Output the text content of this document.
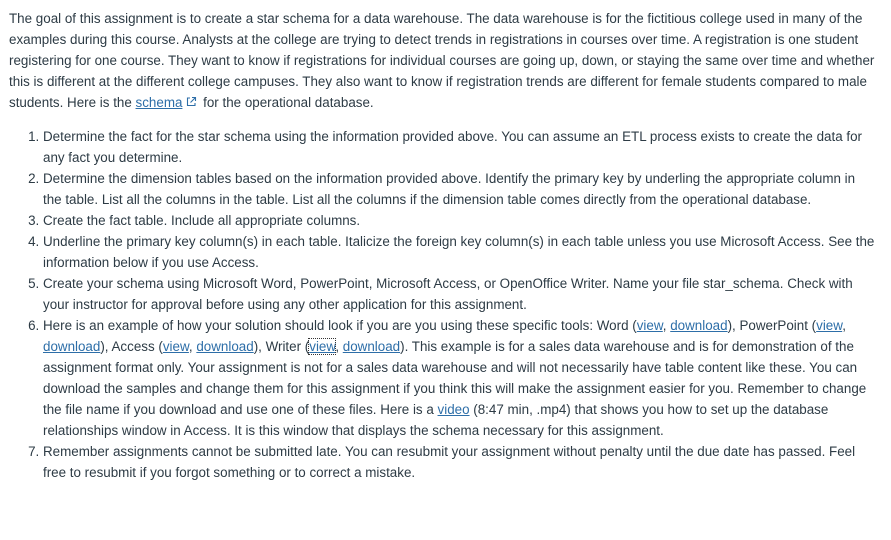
The goal of this assignment is to create a star schema for a data warehouse. The data warehouse is for the fictitious college used in many of the examples during this course. Analysts at the college are trying to detect trends in registrations in courses over time. A registration is one student registering for one course. They want to know if registrations for individual courses are going up, down, or staying the same over time and whether this is different at the different college campuses. They also want to know if registration trends are different for female students compared to male students. Here is the schema for the operational database.

1. Determine the fact for the star schema using the information provided above. You can assume an ETL process exists to create the data for any fact you determine.
2. Determine the dimension tables based on the information provided above. Identify the primary key by underling the appropriate column in the table. List all the columns in the table. List all the columns if the dimension table comes directly from the operational database.
3. Create the fact table. Include all appropriate columns.
4. Underline the primary key column(s) in each table. Italicize the foreign key column(s) in each table unless you use Microsoft Access. See the information below if you use Access.
5. Create your schema using Microsoft Word, PowerPoint, Microsoft Access, or OpenOffice Writer. Name your file star_schema. Check with your instructor for approval before using any other application for this assignment.
6. Here is an example of how your solution should look if you are you using these specific tools: Word (view, download), PowerPoint (view, download), Access (view, download), Writer (view, download). This example is for a sales data warehouse and is for demonstration of the assignment format only. Your assignment is not for a sales data warehouse and will not necessarily have table content like these. You can download the samples and change them for this assignment if you think this will make the assignment easier for you. Remember to change the file name if you download and use one of these files. Here is a video (8:47 min, .mp4) that shows you how to set up the database relationships window in Access. It is this window that displays the schema necessary for this assignment.
7. Remember assignments cannot be submitted late. You can resubmit your assignment without penalty until the due date has passed. Feel free to resubmit if you forgot something or to correct a mistake.
